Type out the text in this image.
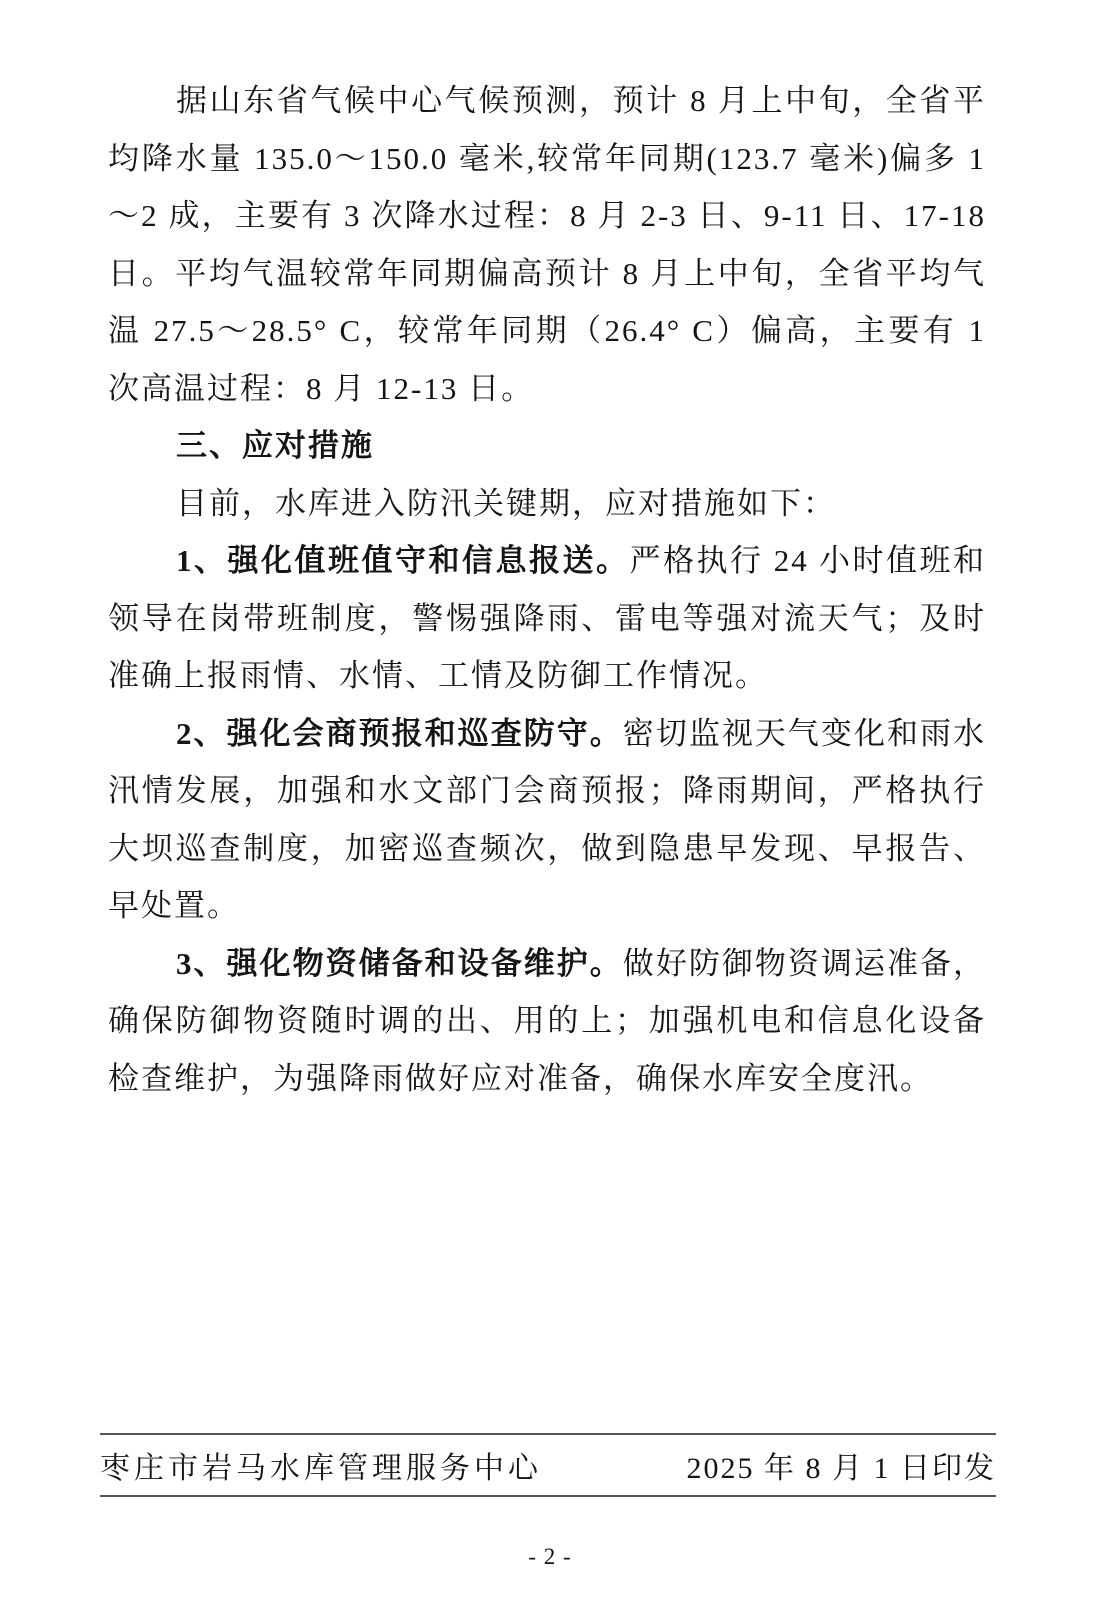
据山东省气候中心气候预测，预计 8 月上中旬，全省平均降水量 135.0～150.0 毫米,较常年同期(123.7 毫米)偏多 1～2 成，主要有 3 次降水过程：8 月 2-3 日、9-11 日、17-18 日。平均气温较常年同期偏高预计 8 月上中旬，全省平均气温 27.5～28.5° C，较常年同期（26.4° C）偏高，主要有 1 次高温过程：8 月 12-13 日。

三、应对措施

目前，水库进入防汛关键期，应对措施如下：

1、强化值班值守和信息报送。严格执行 24 小时值班和领导在岗带班制度，警惕强降雨、雷电等强对流天气；及时准确上报雨情、水情、工情及防御工作情况。

2、强化会商预报和巡查防守。密切监视天气变化和雨水汛情发展，加强和水文部门会商预报；降雨期间，严格执行大坝巡查制度，加密巡查频次，做到隐患早发现、早报告、早处置。

3、强化物资储备和设备维护。做好防御物资调运准备，确保防御物资随时调的出、用的上；加强机电和信息化设备检查维护，为强降雨做好应对准备，确保水库安全度汛。

枣庄市岩马水库管理服务中心	2025 年 8 月 1 日印发
- 2 -
